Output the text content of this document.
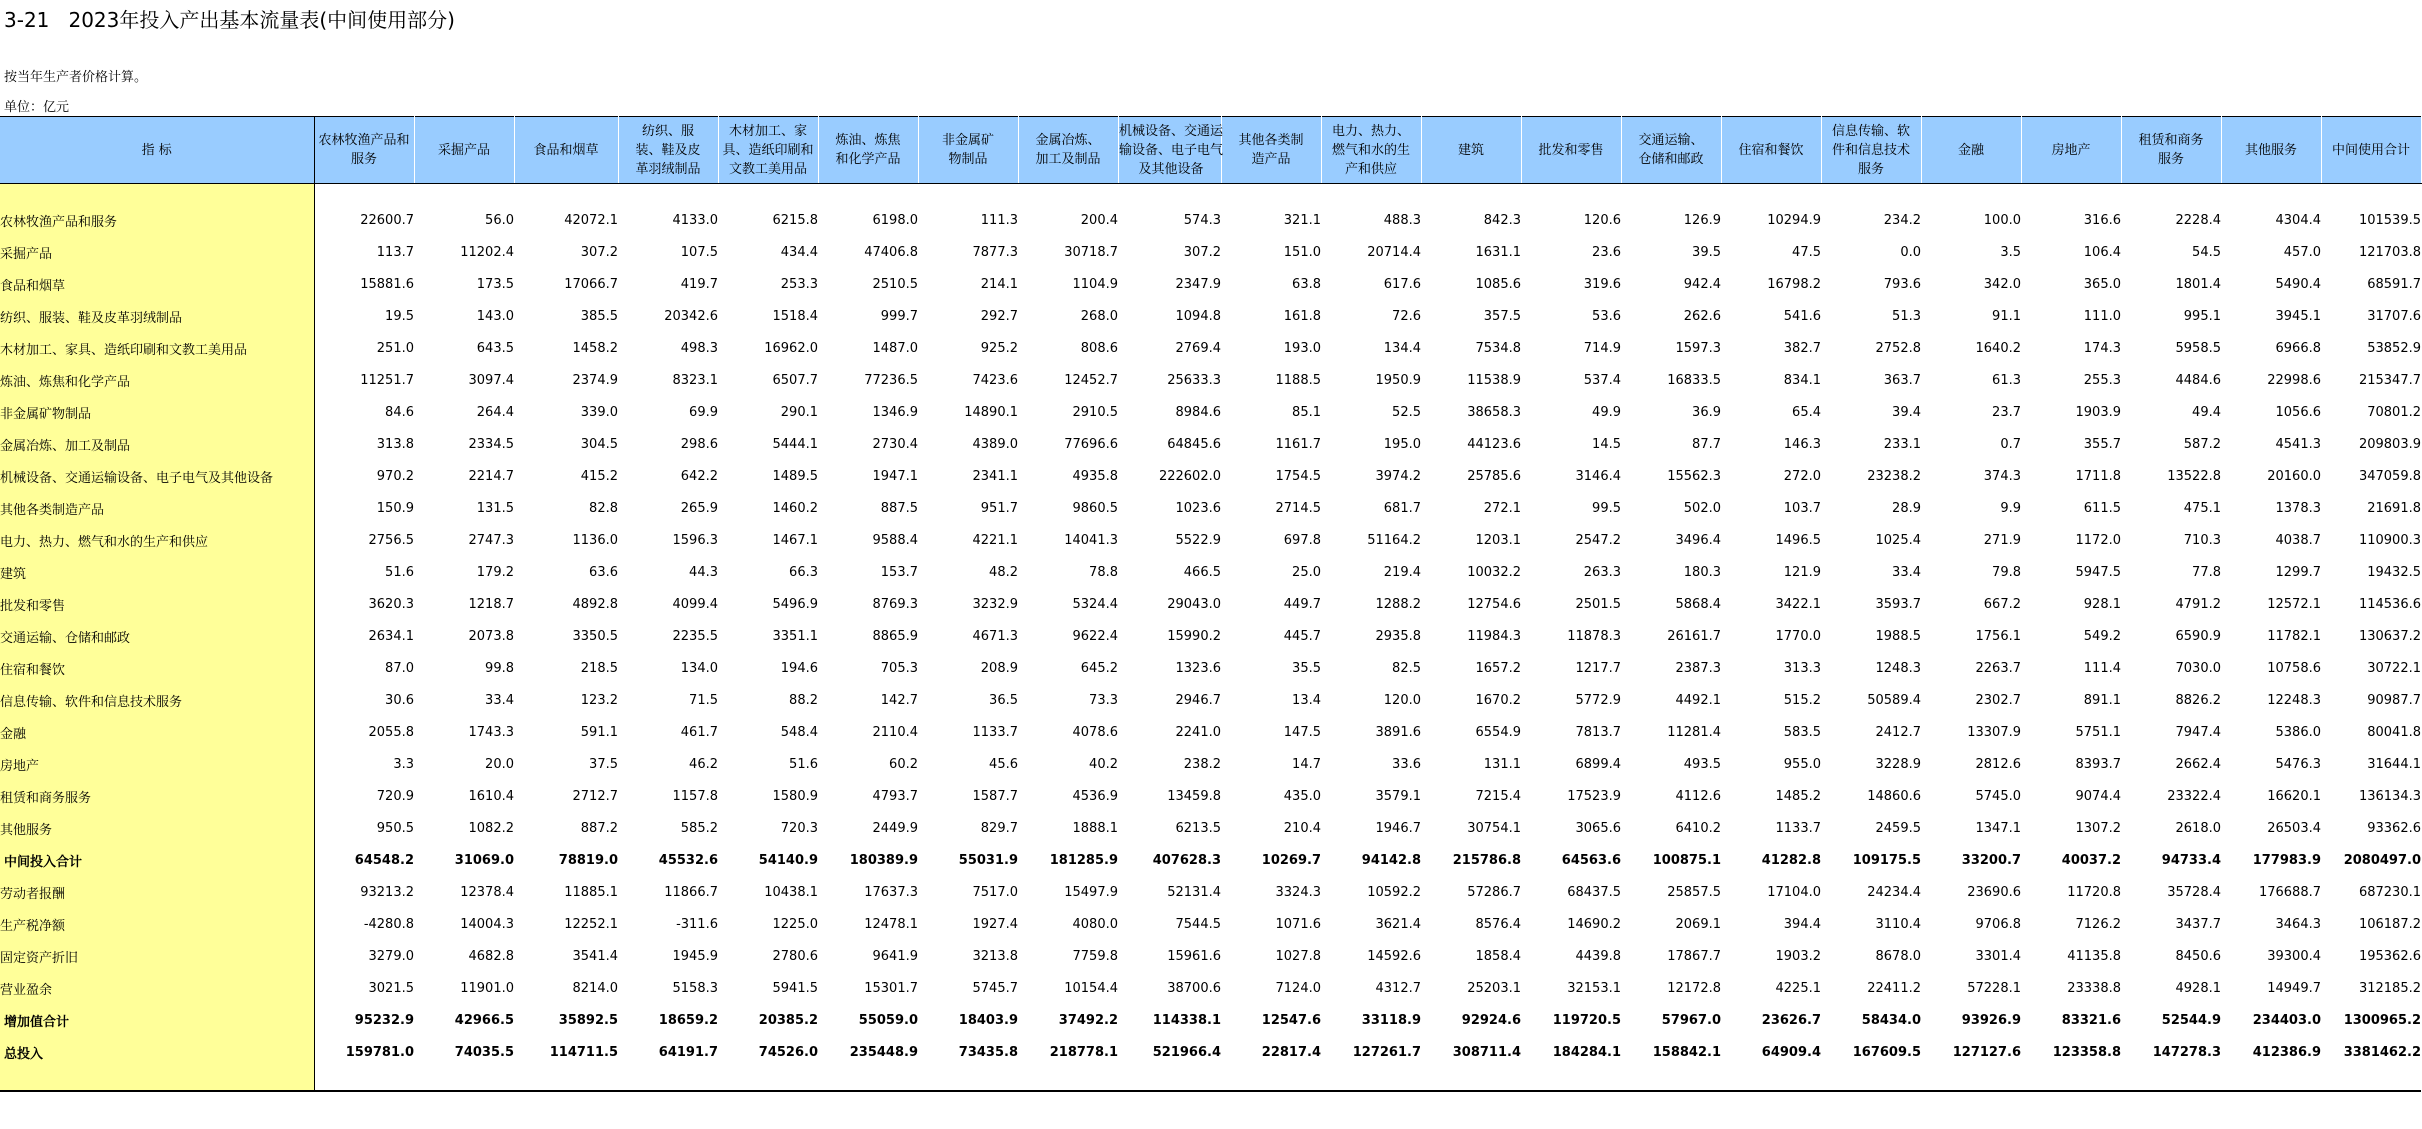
3-21   2023年投入产出基本流量表(中间使用部分)
按当年生产者价格计算。
单位：亿元
指 标	农林牧渔产品和服务	采掘产品	食品和烟草	纺织、服装、鞋及皮革羽绒制品	木材加工、家具、造纸印刷和文教工美用品	炼油、炼焦和化学产品	非金属矿物制品	金属冶炼、加工及制品	机械设备、交通运输设备、电子电气及其他设备	其他各类制造产品	电力、热力、燃气和水的生产和供应	建筑	批发和零售	交通运输、仓储和邮政	住宿和餐饮	信息传输、软件和信息技术服务	金融	房地产	租赁和商务服务	其他服务	中间使用合计

农林牧渔产品和服务	22600.7	56.0	42072.1	4133.0	6215.8	6198.0	111.3	200.4	574.3	321.1	488.3	842.3	120.6	126.9	10294.9	234.2	100.0	316.6	2228.4	4304.4	101539.5
采掘产品	113.7	11202.4	307.2	107.5	434.4	47406.8	7877.3	30718.7	307.2	151.0	20714.4	1631.1	23.6	39.5	47.5	0.0	3.5	106.4	54.5	457.0	121703.8
食品和烟草	15881.6	173.5	17066.7	419.7	253.3	2510.5	214.1	1104.9	2347.9	63.8	617.6	1085.6	319.6	942.4	16798.2	793.6	342.0	365.0	1801.4	5490.4	68591.7
纺织、服装、鞋及皮革羽绒制品	19.5	143.0	385.5	20342.6	1518.4	999.7	292.7	268.0	1094.8	161.8	72.6	357.5	53.6	262.6	541.6	51.3	91.1	111.0	995.1	3945.1	31707.6
木材加工、家具、造纸印刷和文教工美用品	251.0	643.5	1458.2	498.3	16962.0	1487.0	925.2	808.6	2769.4	193.0	134.4	7534.8	714.9	1597.3	382.7	2752.8	1640.2	174.3	5958.5	6966.8	53852.9
炼油、炼焦和化学产品	11251.7	3097.4	2374.9	8323.1	6507.7	77236.5	7423.6	12452.7	25633.3	1188.5	1950.9	11538.9	537.4	16833.5	834.1	363.7	61.3	255.3	4484.6	22998.6	215347.7
非金属矿物制品	84.6	264.4	339.0	69.9	290.1	1346.9	14890.1	2910.5	8984.6	85.1	52.5	38658.3	49.9	36.9	65.4	39.4	23.7	1903.9	49.4	1056.6	70801.2
金属冶炼、加工及制品	313.8	2334.5	304.5	298.6	5444.1	2730.4	4389.0	77696.6	64845.6	1161.7	195.0	44123.6	14.5	87.7	146.3	233.1	0.7	355.7	587.2	4541.3	209803.9
机械设备、交通运输设备、电子电气及其他设备	970.2	2214.7	415.2	642.2	1489.5	1947.1	2341.1	4935.8	222602.0	1754.5	3974.2	25785.6	3146.4	15562.3	272.0	23238.2	374.3	1711.8	13522.8	20160.0	347059.8
其他各类制造产品	150.9	131.5	82.8	265.9	1460.2	887.5	951.7	9860.5	1023.6	2714.5	681.7	272.1	99.5	502.0	103.7	28.9	9.9	611.5	475.1	1378.3	21691.8
电力、热力、燃气和水的生产和供应	2756.5	2747.3	1136.0	1596.3	1467.1	9588.4	4221.1	14041.3	5522.9	697.8	51164.2	1203.1	2547.2	3496.4	1496.5	1025.4	271.9	1172.0	710.3	4038.7	110900.3
建筑	51.6	179.2	63.6	44.3	66.3	153.7	48.2	78.8	466.5	25.0	219.4	10032.2	263.3	180.3	121.9	33.4	79.8	5947.5	77.8	1299.7	19432.5
批发和零售	3620.3	1218.7	4892.8	4099.4	5496.9	8769.3	3232.9	5324.4	29043.0	449.7	1288.2	12754.6	2501.5	5868.4	3422.1	3593.7	667.2	928.1	4791.2	12572.1	114536.6
交通运输、仓储和邮政	2634.1	2073.8	3350.5	2235.5	3351.1	8865.9	4671.3	9622.4	15990.2	445.7	2935.8	11984.3	11878.3	26161.7	1770.0	1988.5	1756.1	549.2	6590.9	11782.1	130637.2
住宿和餐饮	87.0	99.8	218.5	134.0	194.6	705.3	208.9	645.2	1323.6	35.5	82.5	1657.2	1217.7	2387.3	313.3	1248.3	2263.7	111.4	7030.0	10758.6	30722.1
信息传输、软件和信息技术服务	30.6	33.4	123.2	71.5	88.2	142.7	36.5	73.3	2946.7	13.4	120.0	1670.2	5772.9	4492.1	515.2	50589.4	2302.7	891.1	8826.2	12248.3	90987.7
金融	2055.8	1743.3	591.1	461.7	548.4	2110.4	1133.7	4078.6	2241.0	147.5	3891.6	6554.9	7813.7	11281.4	583.5	2412.7	13307.9	5751.1	7947.4	5386.0	80041.8
房地产	3.3	20.0	37.5	46.2	51.6	60.2	45.6	40.2	238.2	14.7	33.6	131.1	6899.4	493.5	955.0	3228.9	2812.6	8393.7	2662.4	5476.3	31644.1
租赁和商务服务	720.9	1610.4	2712.7	1157.8	1580.9	4793.7	1587.7	4536.9	13459.8	435.0	3579.1	7215.4	17523.9	4112.6	1485.2	14860.6	5745.0	9074.4	23322.4	16620.1	136134.3
其他服务	950.5	1082.2	887.2	585.2	720.3	2449.9	829.7	1888.1	6213.5	210.4	1946.7	30754.1	3065.6	6410.2	1133.7	2459.5	1347.1	1307.2	2618.0	26503.4	93362.6
中间投入合计	64548.2	31069.0	78819.0	45532.6	54140.9	180389.9	55031.9	181285.9	407628.3	10269.7	94142.8	215786.8	64563.6	100875.1	41282.8	109175.5	33200.7	40037.2	94733.4	177983.9	2080497.0
劳动者报酬	93213.2	12378.4	11885.1	11866.7	10438.1	17637.3	7517.0	15497.9	52131.4	3324.3	10592.2	57286.7	68437.5	25857.5	17104.0	24234.4	23690.6	11720.8	35728.4	176688.7	687230.1
生产税净额	-4280.8	14004.3	12252.1	-311.6	1225.0	12478.1	1927.4	4080.0	7544.5	1071.6	3621.4	8576.4	14690.2	2069.1	394.4	3110.4	9706.8	7126.2	3437.7	3464.3	106187.2
固定资产折旧	3279.0	4682.8	3541.4	1945.9	2780.6	9641.9	3213.8	7759.8	15961.6	1027.8	14592.6	1858.4	4439.8	17867.7	1903.2	8678.0	3301.4	41135.8	8450.6	39300.4	195362.6
营业盈余	3021.5	11901.0	8214.0	5158.3	5941.5	15301.7	5745.7	10154.4	38700.6	7124.0	4312.7	25203.1	32153.1	12172.8	4225.1	22411.2	57228.1	23338.8	4928.1	14949.7	312185.2
增加值合计	95232.9	42966.5	35892.5	18659.2	20385.2	55059.0	18403.9	37492.2	114338.1	12547.6	33118.9	92924.6	119720.5	57967.0	23626.7	58434.0	93926.9	83321.6	52544.9	234403.0	1300965.2
总投入	159781.0	74035.5	114711.5	64191.7	74526.0	235448.9	73435.8	218778.1	521966.4	22817.4	127261.7	308711.4	184284.1	158842.1	64909.4	167609.5	127127.6	123358.8	147278.3	412386.9	3381462.2
